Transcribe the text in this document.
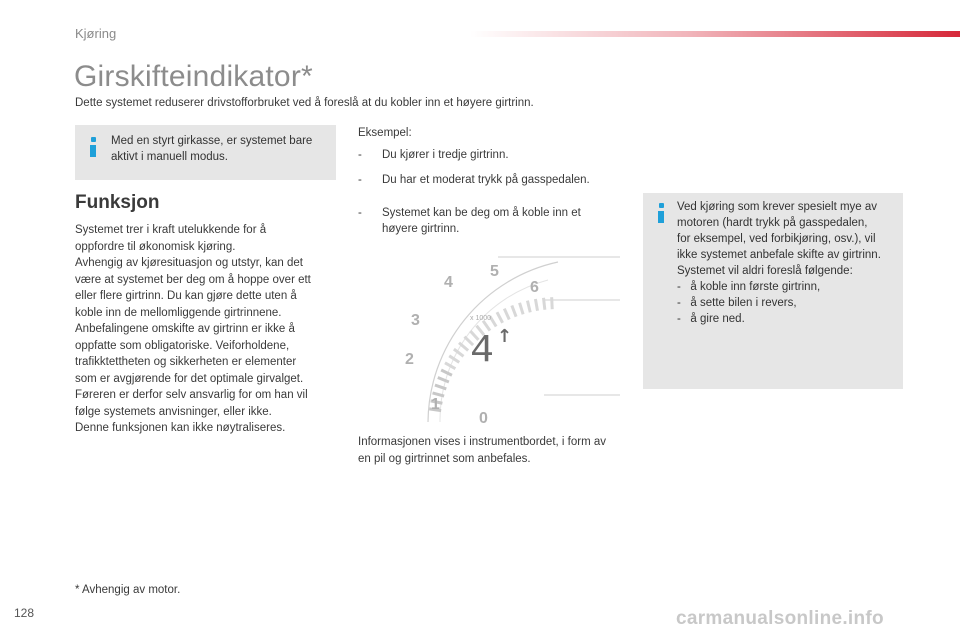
Kjøring
Girskifteindikator*
Dette systemet reduserer drivstofforbruket ved å foreslå at du kobler inn et høyere girtrinn.
Med en styrt girkasse, er systemet bare
aktivt i manuell modus.
Funksjon
Systemet trer i kraft utelukkende for å
oppfordre til økonomisk kjøring.
Avhengig av kjøresituasjon og utstyr, kan det
være at systemet ber deg om å hoppe over ett
eller flere girtrinn. Du kan gjøre dette uten å
koble inn de mellomliggende girtrinnene.
Anbefalingene omskifte av girtrinn er ikke å
oppfatte som obligatoriske. Veiforholdene,
trafikktettheten og sikkerheten er elementer
som er avgjørende for det optimale girvalget.
Føreren er derfor selv ansvarlig for om han vil
følge systemets anvisninger, eller ikke.
Denne funksjonen kan ikke nøytraliseres.
Eksempel:
- Du kjører i tredje girtrinn.
- Du har et moderat trykk på gasspedalen.
- Systemet kan be deg om å koble inn et høyere girtrinn.
6
5
4
3
2
1
0
x 1000
4 ↑
Informasjonen vises i instrumentbordet, i form av en pil og girtrinnet som anbefales.
Ved kjøring som krever spesielt mye av
motoren (hardt trykk på gasspedalen,
for eksempel, ved forbikjøring, osv.), vil
ikke systemet anbefale skifte av girtrinn.
Systemet vil aldri foreslå følgende:
-   å koble inn første girtrinn,
-   å sette bilen i revers,
-   å gire ned.
* Avhengig av motor.
128	carmanualsonline.info
